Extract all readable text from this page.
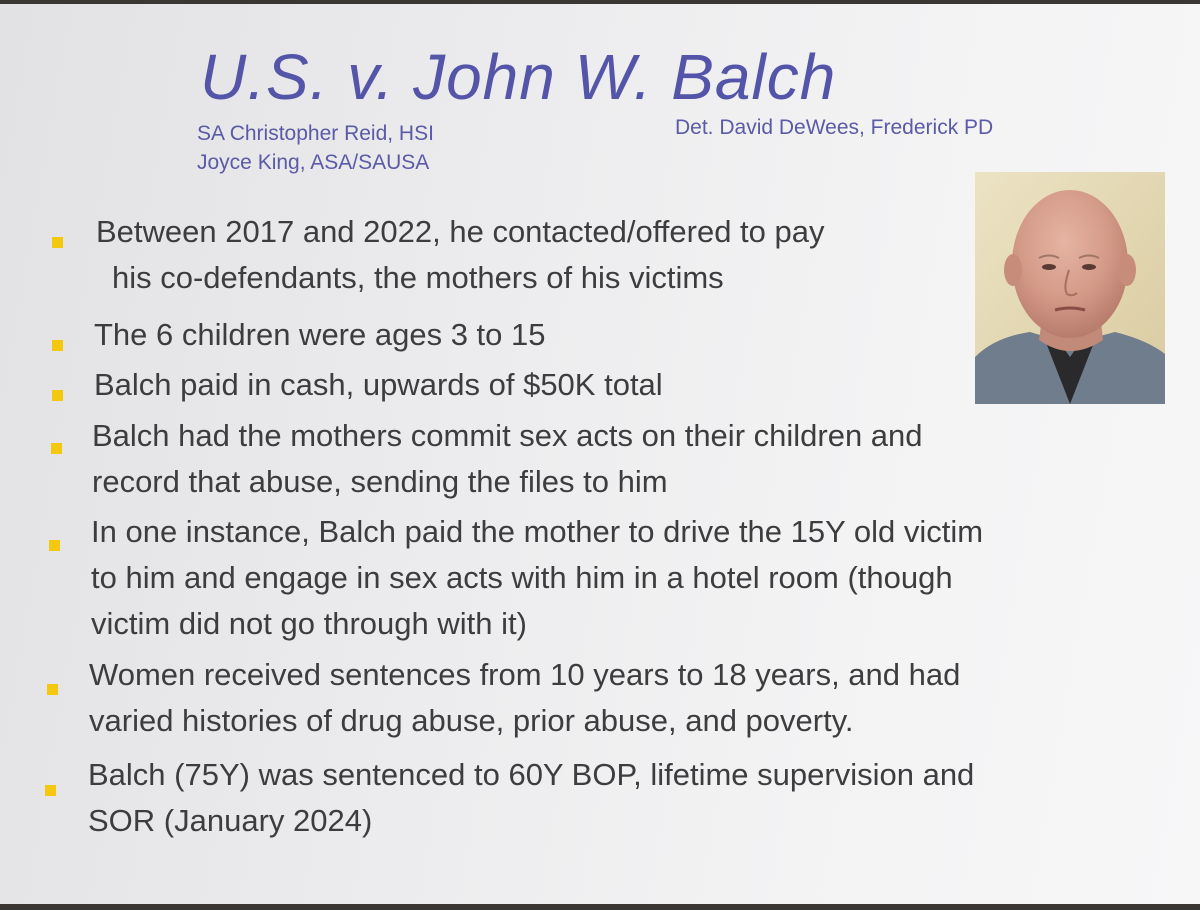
U.S. v. John W. Balch
SA Christopher Reid, HSI
Joyce King, ASA/SAUSA
Det. David DeWees, Frederick PD
Between 2017 and 2022, he contacted/offered to pay
his co-defendants, the mothers of his victims
The 6 children were ages 3 to 15
Balch paid in cash, upwards of $50K total
Balch had the mothers commit sex acts on their children and
record that abuse, sending the files to him
In one instance, Balch paid the mother to drive the 15Y old victim
to him and engage in sex acts with him in a hotel room (though
victim did not go through with it)
Women received sentences from 10 years to 18 years, and had
varied histories of drug abuse, prior abuse, and poverty.
Balch (75Y) was sentenced to 60Y BOP, lifetime supervision and
SOR (January 2024)
